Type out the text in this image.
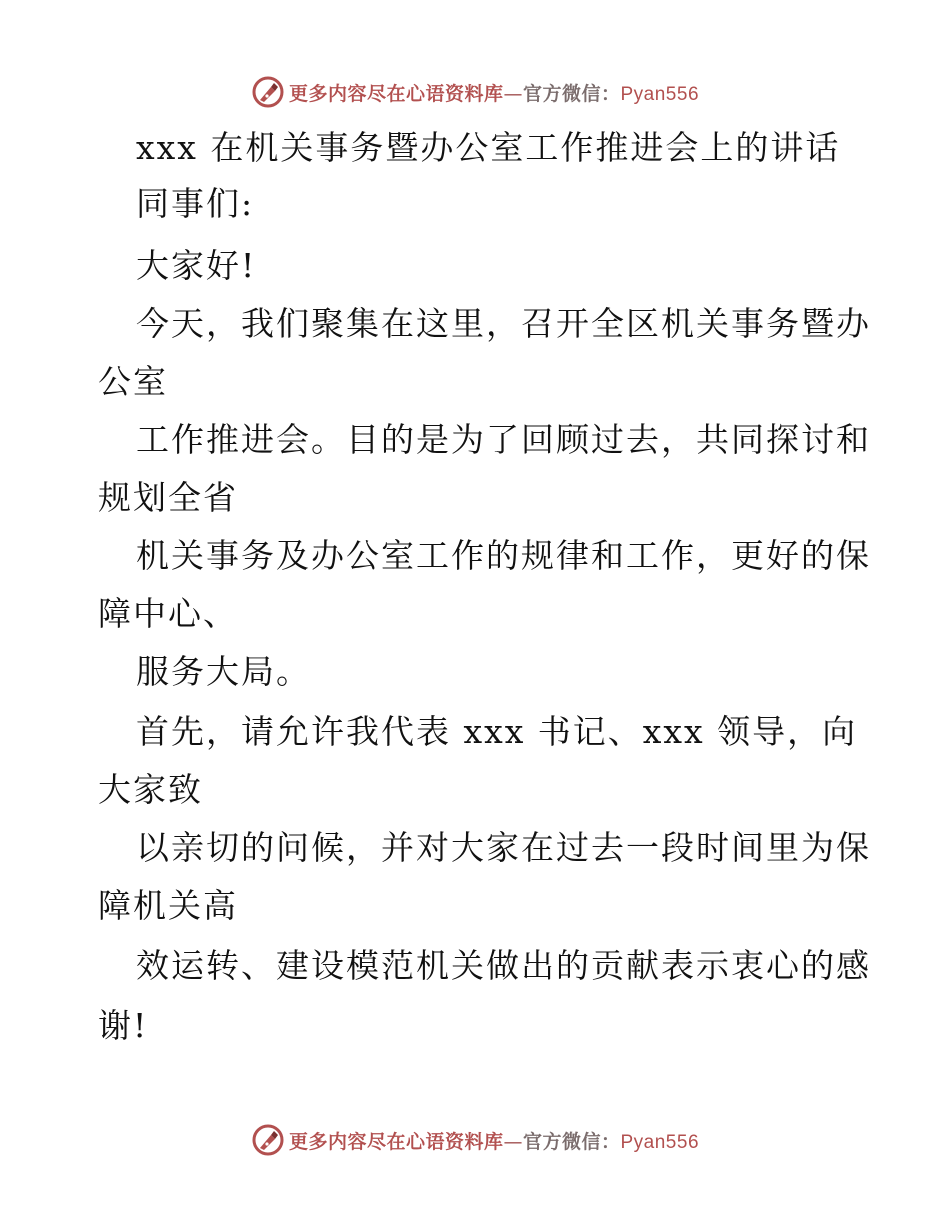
更多内容尽在心语资料库—官方微信：Pyan556
xxx 在机关事务暨办公室工作推进会上的讲话
同事们:
大家好!
今天，我们聚集在这里，召开全区机关事务暨办
公室
工作推进会。目的是为了回顾过去，共同探讨和
规划全省
机关事务及办公室工作的规律和工作，更好的保
障中心、
服务大局。
首先，请允许我代表 xxx 书记、xxx 领导，向
大家致
以亲切的问候，并对大家在过去一段时间里为保
障机关高
效运转、建设模范机关做出的贡献表示衷心的感
谢!
更多内容尽在心语资料库—官方微信：Pyan556
